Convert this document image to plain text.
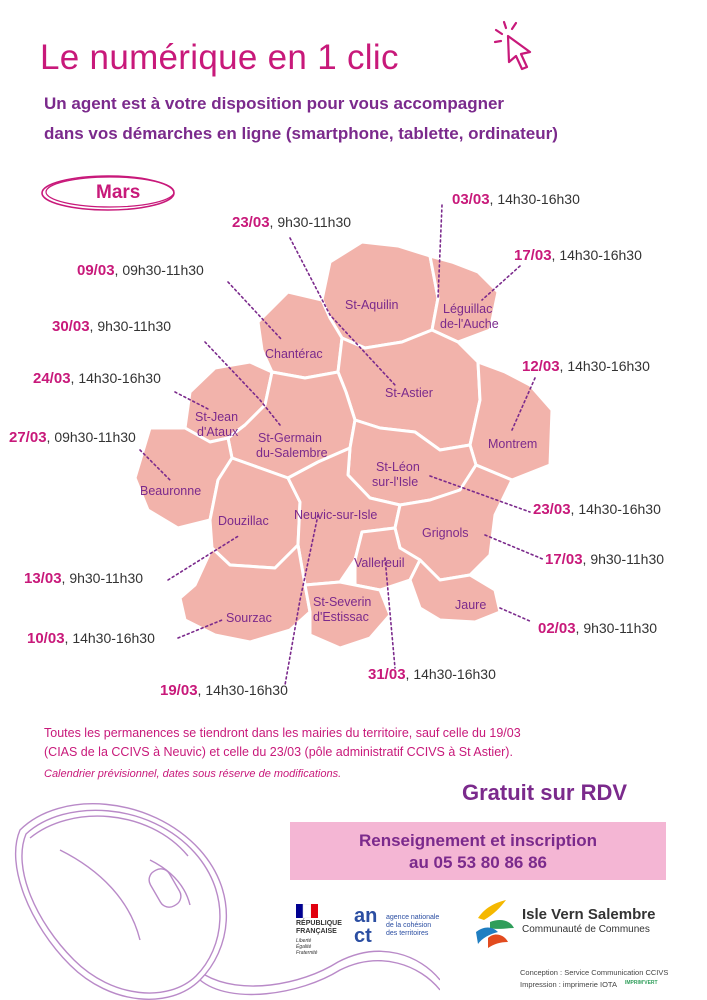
Le numérique en 1 clic
Un agent est à votre disposition pour vous accompagner
dans vos démarches en ligne (smartphone, tablette, ordinateur)
Mars
St-Aquilin	Léguillac
de-l'Auche
Chantérac
St-Astier
St-Jean
d'Ataux St-Germain
du-Salembre
St-Léon
sur-l'Isle
Montrem
Beauronne
Douzillac Neuvic-sur-Isle
Grignols
Vallereuil
Sourzac
St-Severin
d'Estissac
Jaure
03/03, 14h30-16h30
23/03, 9h30-11h30
17/03, 14h30-16h30
09/03, 09h30-11h30
30/03, 9h30-11h30
12/03, 14h30-16h30
24/03, 14h30-16h30
27/03, 09h30-11h30
23/03, 14h30-16h30
17/03, 9h30-11h30
13/03, 9h30-11h30
10/03, 14h30-16h30
02/03, 9h30-11h30
31/03, 14h30-16h30
19/03, 14h30-16h30
Toutes les permanences se tiendront dans les mairies du territoire, sauf celle du 19/03
(CIAS de la CCIVS à Neuvic) et celle du 23/03 (pôle administratif CCIVS à St Astier).
Calendrier prévisionnel, dates sous réserve de modifications.
Gratuit sur RDV
Renseignement et inscription
au 05 53 80 86 86
RÉPUBLIQUE
FRANÇAISE
Liberté
Égalité
Fraternité
anct
agence nationale
de la cohésion
des territoires
Isle Vern Salembre
Communauté de Communes
Conception : Service Communication CCIVS
Impression : imprimerie IOTA IMPRIM'VERT
